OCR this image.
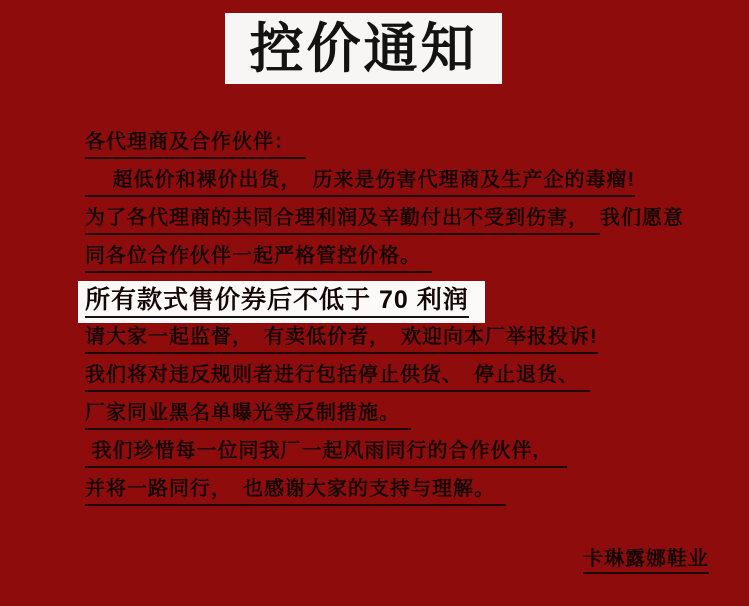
控价通知
各代理商及合作伙伴：　
　 超低价和裸价出货，　历来是伤害代理商及生产企的毒瘤!
为了各代理商的共同合理利润及辛勤付出不受到伤害，　我们愿意
同各位合作伙伴一起严格管控价格。　
所有款式售价券后不低于 70 利润
请大家一起监督，　有卖低价者，　欢迎向本厂举报投诉!
我们将对违反规则者进行包括停止供货、　停止退货、　
厂家同业黑名单曝光等反制措施。　
我们珍惜每一位同我厂一起风雨同行的合作伙伴,　
并将一路同行，　也感谢大家的支持与理解。　
卡琳露娜鞋业
